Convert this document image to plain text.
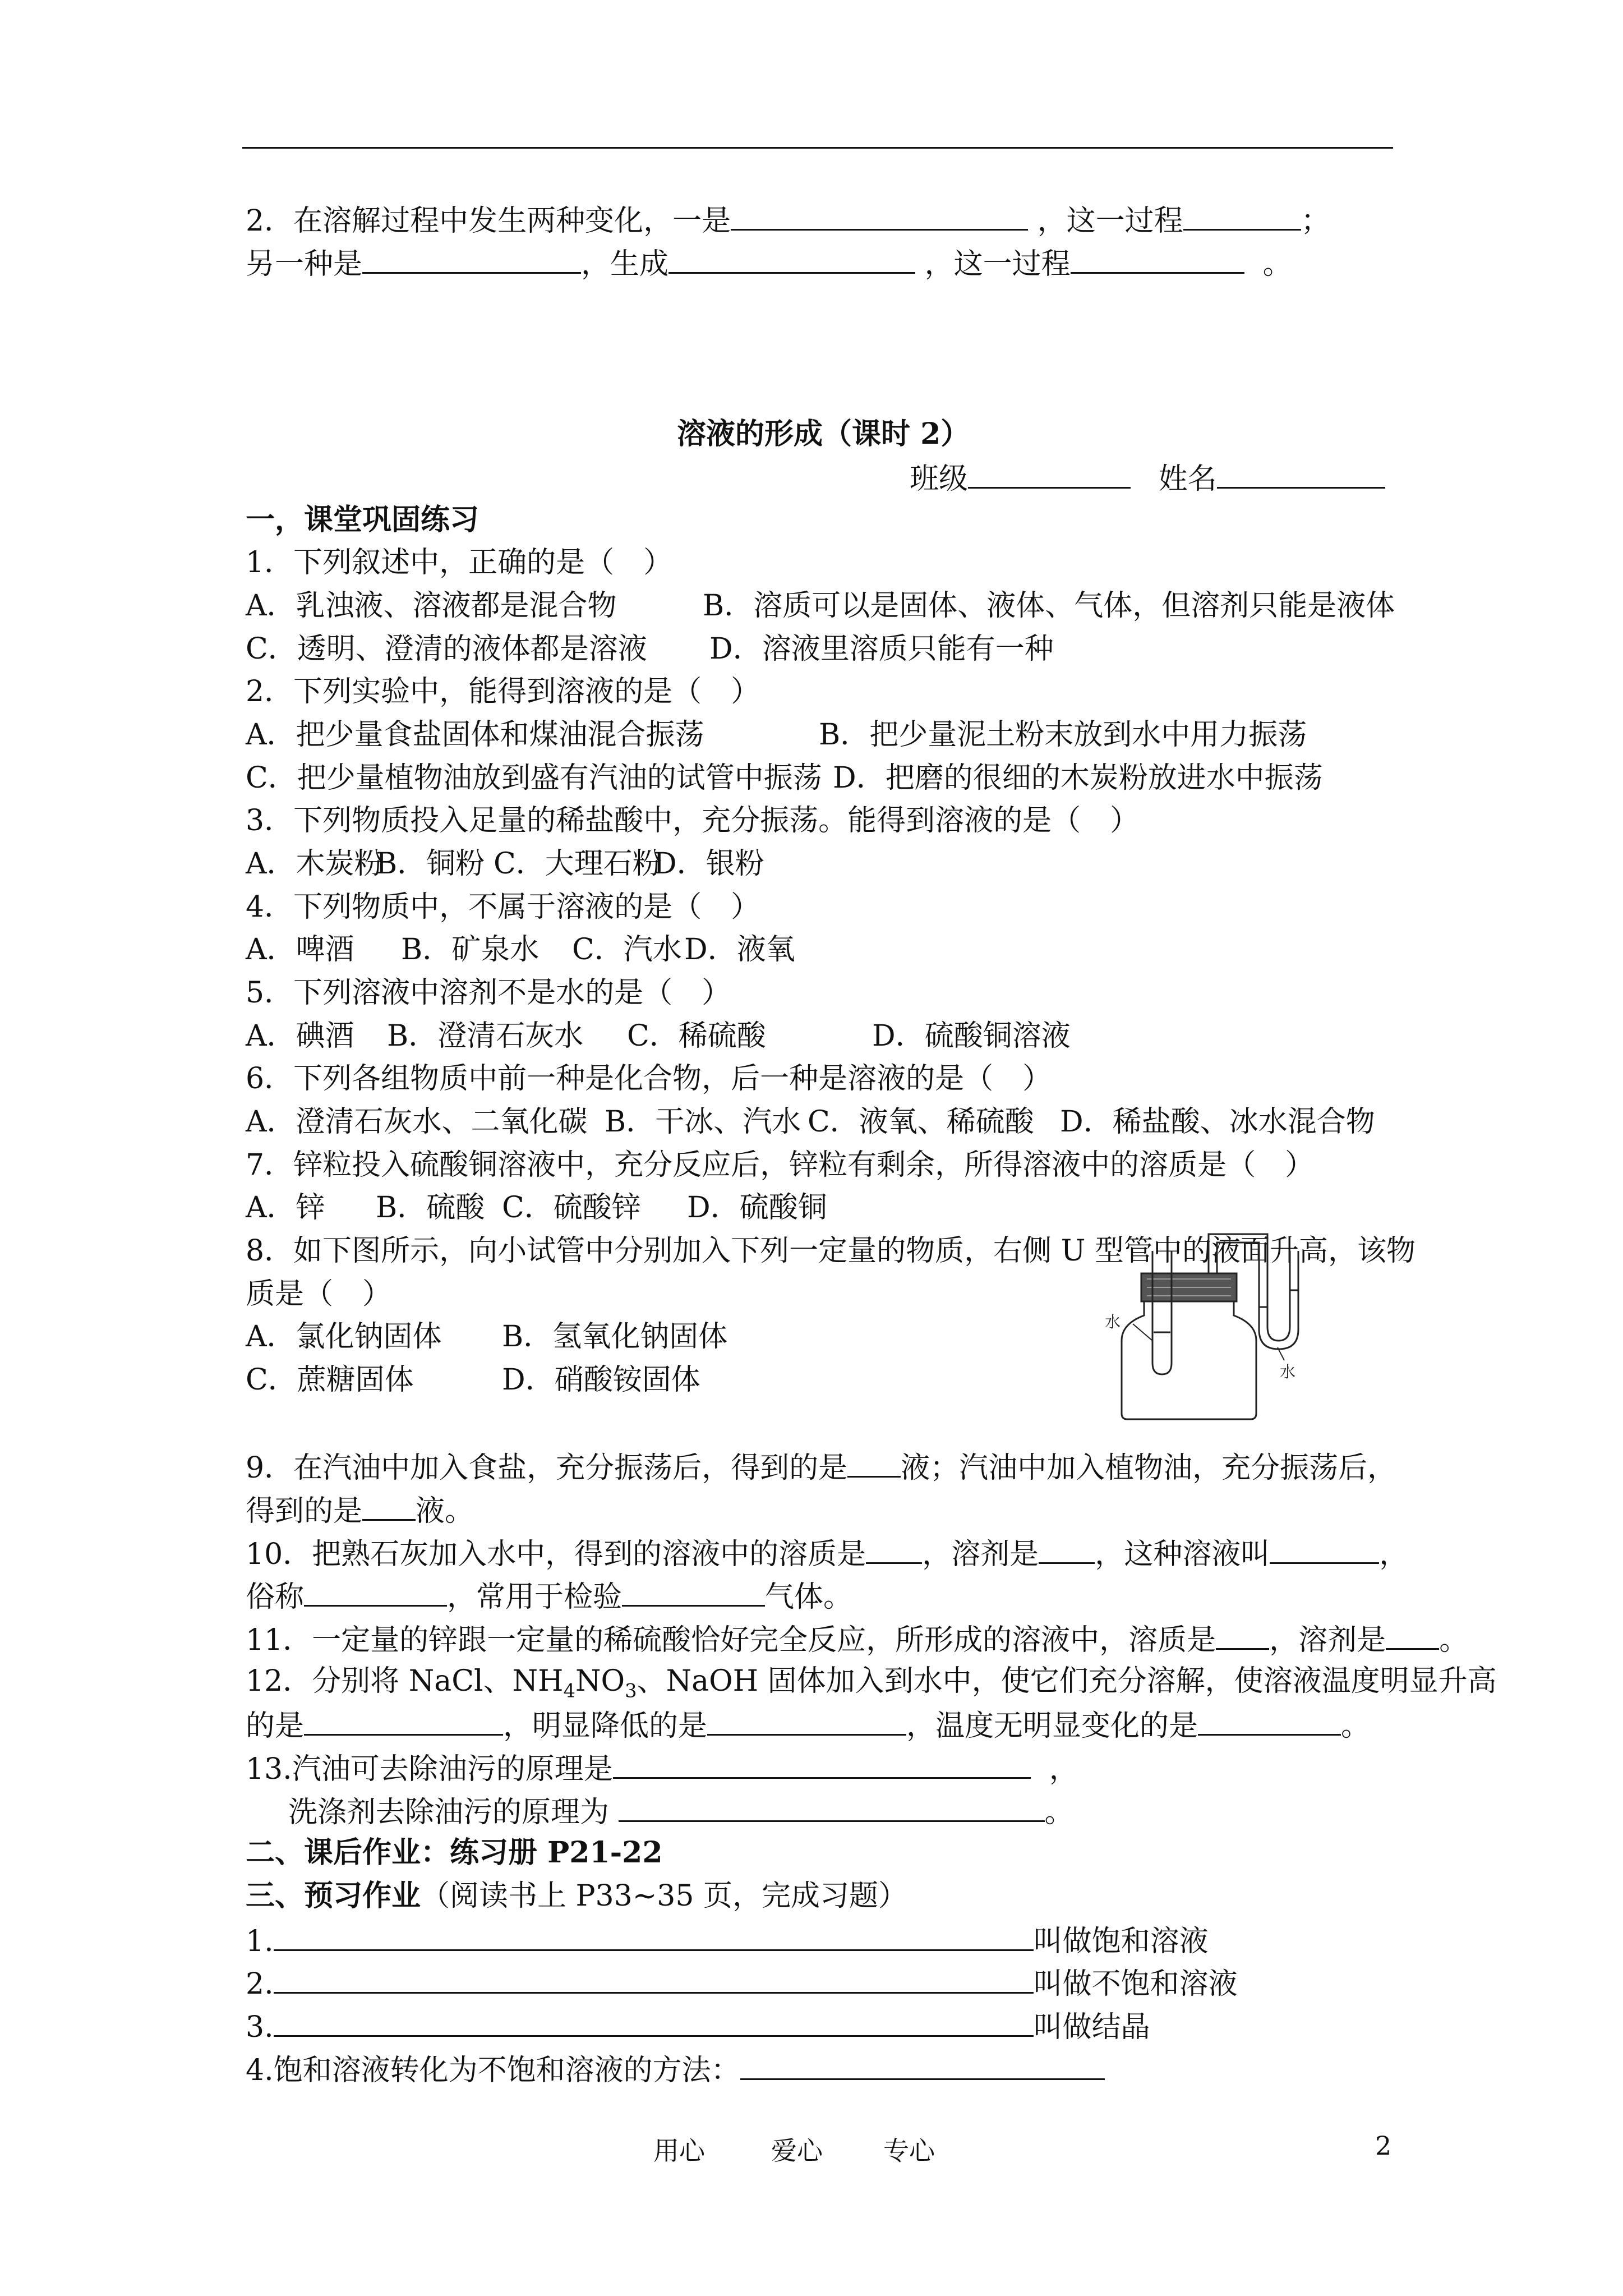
2．在溶解过程中发生两种变化，一是	，这一过程	；
另一种是	，生成	，这一过程	。
溶液的形成（课时 2）
班级	姓名
一，课堂巩固练习
1．下列叙述中，正确的是（　）
A．乳浊液、溶液都是混合物	B．溶质可以是固体、液体、气体，但溶剂只能是液体
C．透明、澄清的液体都是溶液 D．溶液里溶质只能有一种
2．下列实验中，能得到溶液的是（　）
A．把少量食盐固体和煤油混合振荡	B．把少量泥土粉末放到水中用力振荡
C．把少量植物油放到盛有汽油的试管中振荡 D．把磨的很细的木炭粉放进水中振荡
3．下列物质投入足量的稀盐酸中，充分振荡。能得到溶液的是（　）
A．木炭粉
B．铜粉 C．大理石粉
D．银粉
4．下列物质中，不属于溶液的是（　）
A．啤酒 B．矿泉水 C．汽水 D．液氧
5．下列溶液中溶剂不是水的是（　）
A．碘酒 B．澄清石灰水 C．稀硫酸	D．硫酸铜溶液
6．下列各组物质中前一种是化合物，后一种是溶液的是（　）
A．澄清石灰水、二氧化碳 B．干冰、汽水 C．液氧、稀硫酸 D．稀盐酸、冰水混合物
7．锌粒投入硫酸铜溶液中，充分反应后，锌粒有剩余，所得溶液中的溶质是（　）
A．锌 B．硫酸 C．硫酸锌 D．硫酸铜
8．如下图所示，向小试管中分别加入下列一定量的物质，右侧 U 型管中的液面升高，该物
质是（　）
A．氯化钠固体 B．氢氧化钠固体
C．蔗糖固体	D．硝酸铵固体
水
水
9．在汽油中加入食盐，充分振荡后，得到的是 液；汽油中加入植物油，充分振荡后，
得到的是 液。
10．把熟石灰加入水中，得到的溶液中的溶质是 ，溶剂是 ，这种溶液叫	，
俗称	，常用于检验	气体。
11．一定量的锌跟一定量的稀硫酸恰好完全反应，所形成的溶液中，溶质是 ，溶剂是 。
12．分别将 NaCl、$NH_4NO_3$、NaOH 固体加入到水中，使它们充分溶解，使溶液温度明显升高
的是	，明显降低的是	，温度无明显变化的是	。
13.汽油可去除油污的原理是	，
洗涤剂去除油污的原理为	。
二、课后作业：练习册 P21-22
三、预习作业（阅读书上 P33~35 页，完成习题）
1.	叫做饱和溶液
2.	叫做不饱和溶液
3.	叫做结晶
4.饱和溶液转化为不饱和溶液的方法：
用心	爱心 专心	2
